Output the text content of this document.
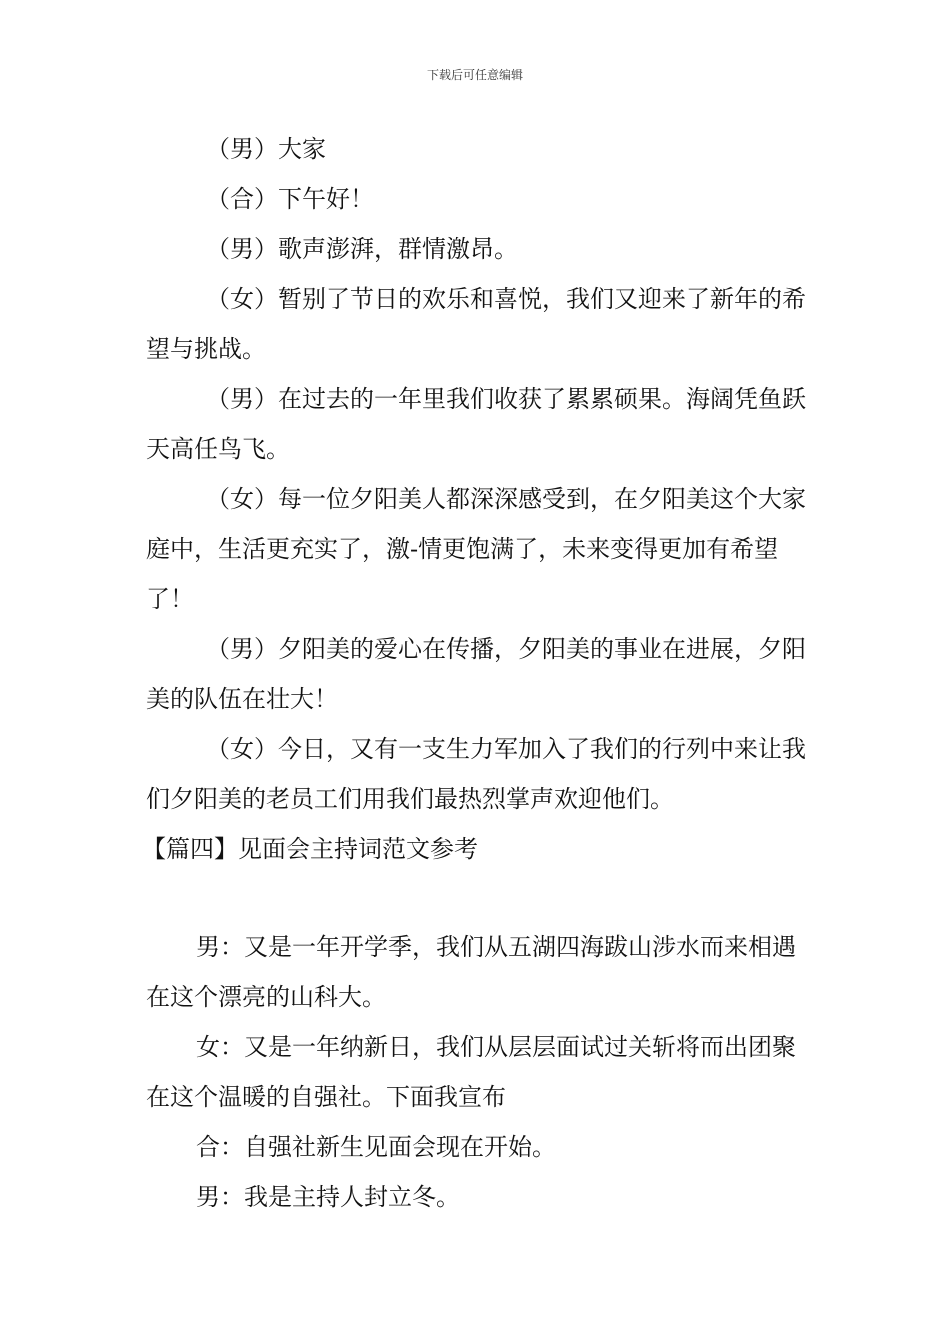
下载后可任意编辑

（男）大家

（合）下午好！

（男）歌声澎湃，群情激昂。

（女）暂别了节日的欢乐和喜悦，我们又迎来了新年的希望与挑战。

（男）在过去的一年里我们收获了累累硕果。海阔凭鱼跃天高任鸟飞。

（女）每一位夕阳美人都深深感受到，在夕阳美这个大家庭中，生活更充实了，激-情更饱满了，未来变得更加有希望了！

（男）夕阳美的爱心在传播，夕阳美的事业在进展，夕阳美的队伍在壮大！

（女）今日，又有一支生力军加入了我们的行列中来让我们夕阳美的老员工们用我们最热烈掌声欢迎他们。

【篇四】见面会主持词范文参考

男：又是一年开学季，我们从五湖四海跋山涉水而来相遇在这个漂亮的山科大。

女：又是一年纳新日，我们从层层面试过关斩将而出团聚在这个温暖的自强社。下面我宣布

合：自强社新生见面会现在开始。

男：我是主持人封立冬。
